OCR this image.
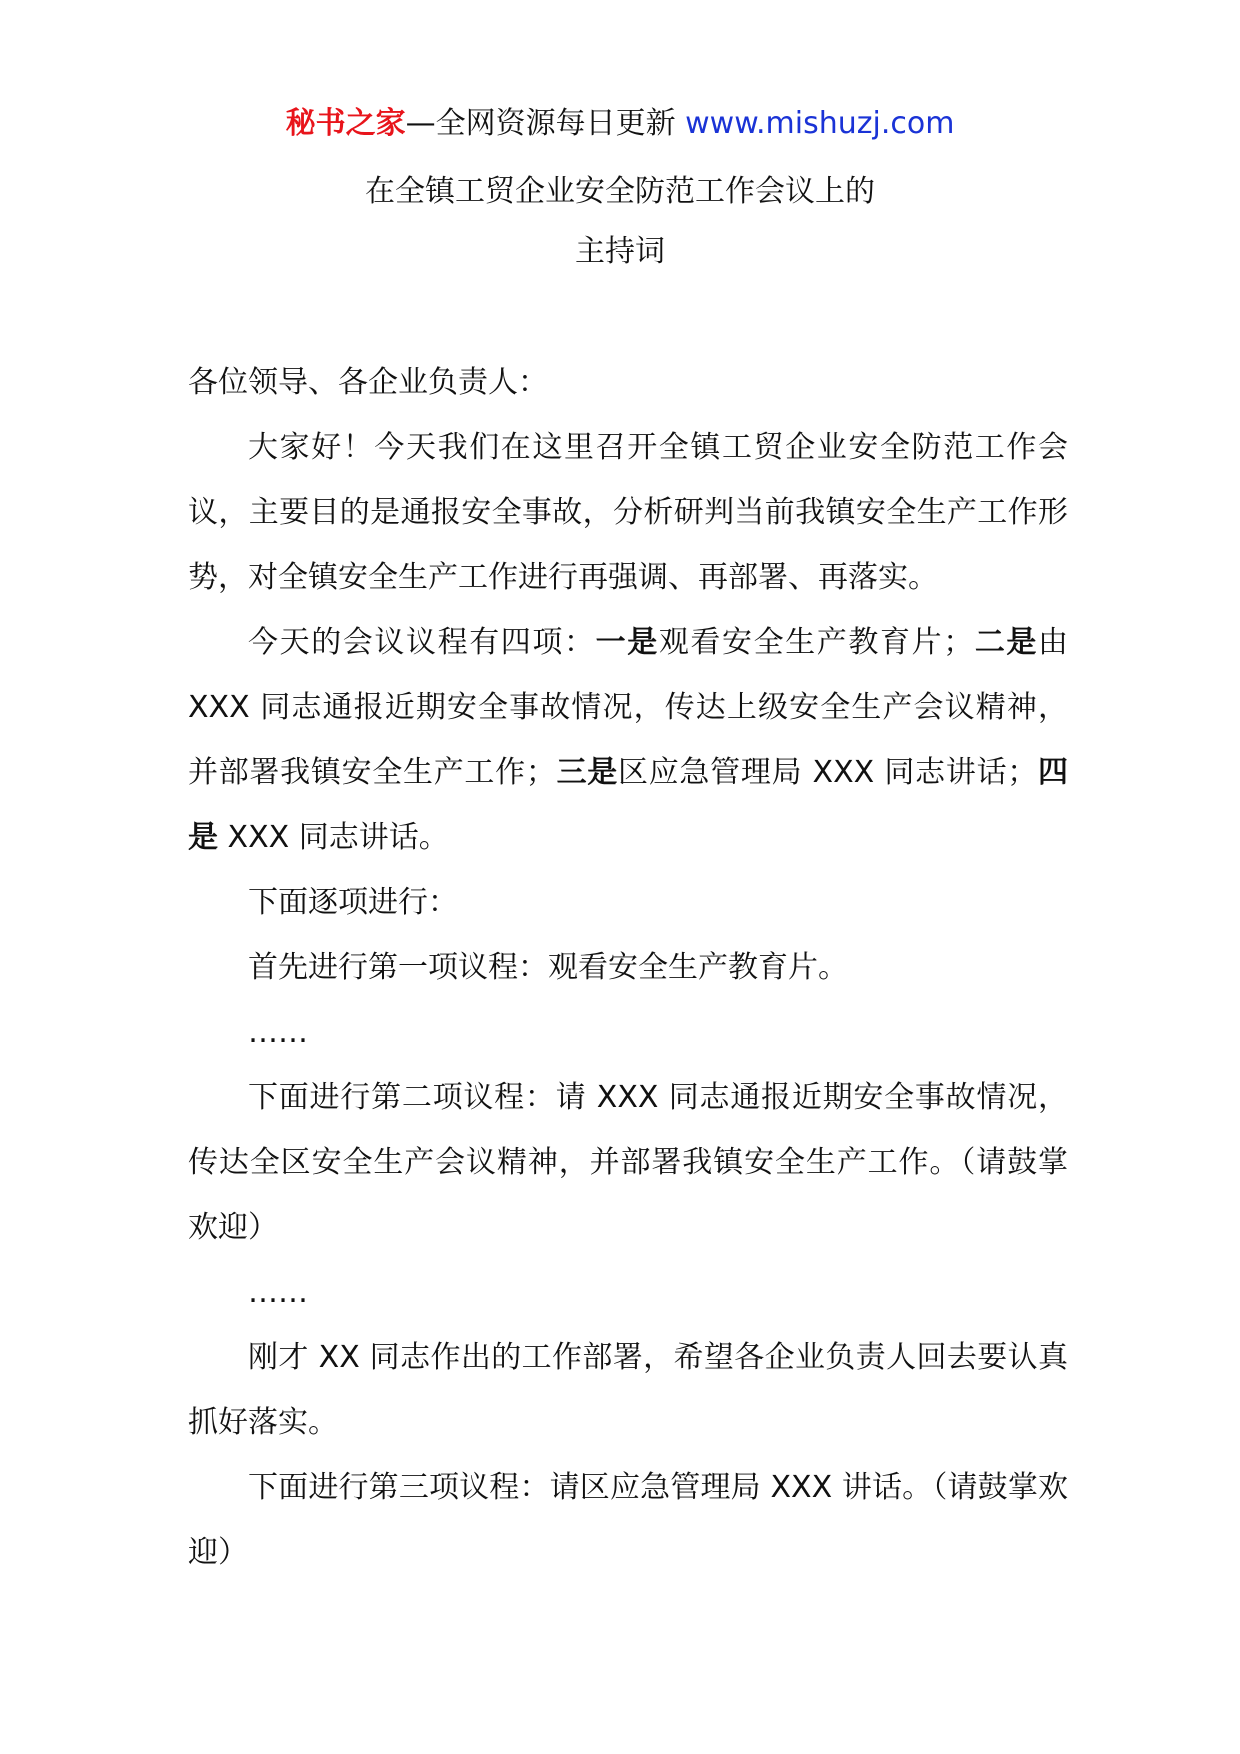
秘书之家—全网资源每日更新 www.mishuzj.com
在全镇工贸企业安全防范工作会议上的
主持词

各位领导、各企业负责人：

大家好！今天我们在这里召开全镇工贸企业安全防范工作会议，主要目的是通报安全事故，分析研判当前我镇安全生产工作形势，对全镇安全生产工作进行再强调、再部署、再落实。

今天的会议议程有四项：一是观看安全生产教育片；二是由 XXX 同志通报近期安全事故情况，传达上级安全生产会议精神，并部署我镇安全生产工作；三是区应急管理局 XXX 同志讲话；四是 XXX 同志讲话。

下面逐项进行：

首先进行第一项议程：观看安全生产教育片。

……

下面进行第二项议程：请 XXX 同志通报近期安全事故情况，传达全区安全生产会议精神，并部署我镇安全生产工作。（请鼓掌欢迎）

……

刚才 XX 同志作出的工作部署，希望各企业负责人回去要认真抓好落实。

下面进行第三项议程：请区应急管理局 XXX 讲话。（请鼓掌欢迎）
